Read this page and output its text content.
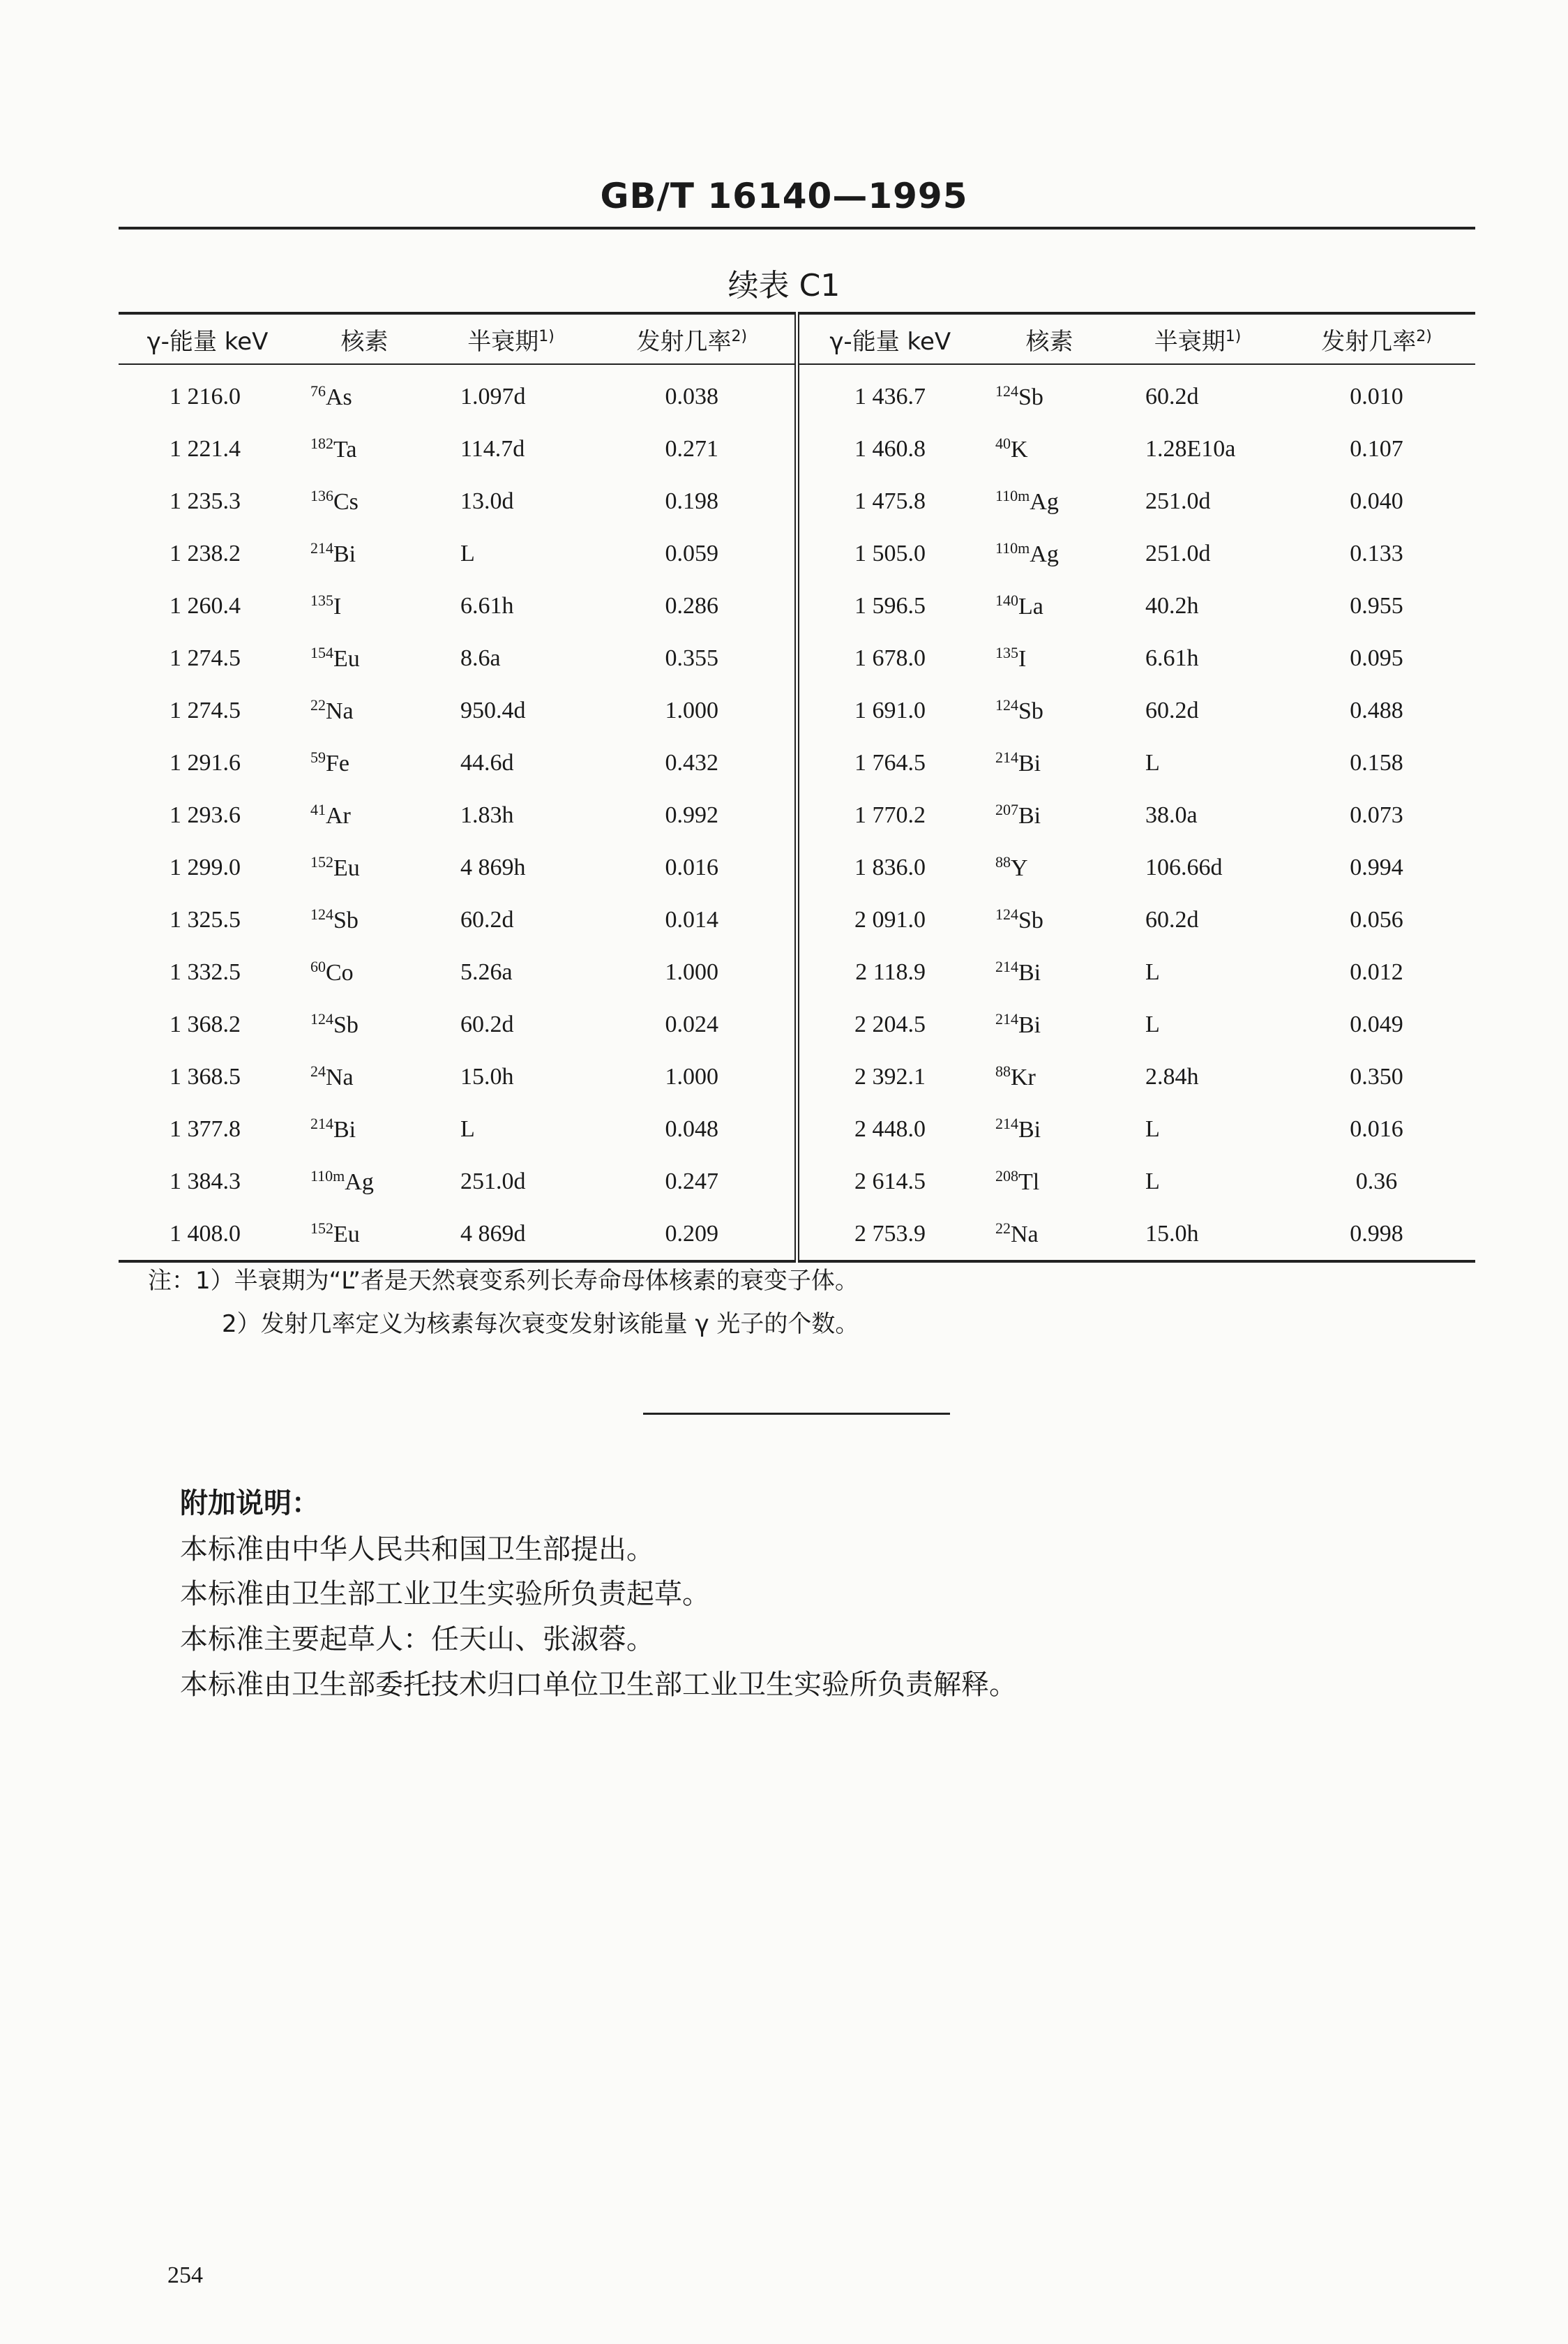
GB/T 16140—1995
续表 C1
γ-能量 keV	核素	半衰期$^{1)}$	发射几率$^{2)}$	γ-能量 keV	核素	半衰期$^{1)}$	发射几率$^{2)}$
1 216.0	$^{76}$As	1.097d	0.038	1 436.7	$^{124}$Sb	60.2d	0.010
1 221.4	$^{182}$Ta	114.7d	0.271	1 460.8	$^{40}$K	1.28E10a	0.107
1 235.3	$^{136}$Cs	13.0d	0.198	1 475.8	$^{110m}$Ag	251.0d	0.040
1 238.2	$^{214}$Bi	L	0.059	1 505.0	$^{110m}$Ag	251.0d	0.133
1 260.4	$^{135}$I	6.61h	0.286	1 596.5	$^{140}$La	40.2h	0.955
1 274.5	$^{154}$Eu	8.6a	0.355	1 678.0	$^{135}$I	6.61h	0.095
1 274.5	$^{22}$Na	950.4d	1.000	1 691.0	$^{124}$Sb	60.2d	0.488
1 291.6	$^{59}$Fe	44.6d	0.432	1 764.5	$^{214}$Bi	L	0.158
1 293.6	$^{41}$Ar	1.83h	0.992	1 770.2	$^{207}$Bi	38.0a	0.073
1 299.0	$^{152}$Eu	4 869h	0.016	1 836.0	$^{88}$Y	106.66d	0.994
1 325.5	$^{124}$Sb	60.2d	0.014	2 091.0	$^{124}$Sb	60.2d	0.056
1 332.5	$^{60}$Co	5.26a	1.000	2 118.9	$^{214}$Bi	L	0.012
1 368.2	$^{124}$Sb	60.2d	0.024	2 204.5	$^{214}$Bi	L	0.049
1 368.5	$^{24}$Na	15.0h	1.000	2 392.1	$^{88}$Kr	2.84h	0.350
1 377.8	$^{214}$Bi	L	0.048	2 448.0	$^{214}$Bi	L	0.016
1 384.3	$^{110m}$Ag	251.0d	0.247	2 614.5	$^{208}$Tl	L	0.36
1 408.0	$^{152}$Eu	4 869d	0.209	2 753.9	$^{22}$Na	15.0h	0.998
注：1）半衰期为“L”者是天然衰变系列长寿命母体核素的衰变子体。
2）发射几率定义为核素每次衰变发射该能量 γ 光子的个数。
附加说明：
本标准由中华人民共和国卫生部提出。
本标准由卫生部工业卫生实验所负责起草。
本标准主要起草人：任天山、张淑蓉。
本标准由卫生部委托技术归口单位卫生部工业卫生实验所负责解释。
254
